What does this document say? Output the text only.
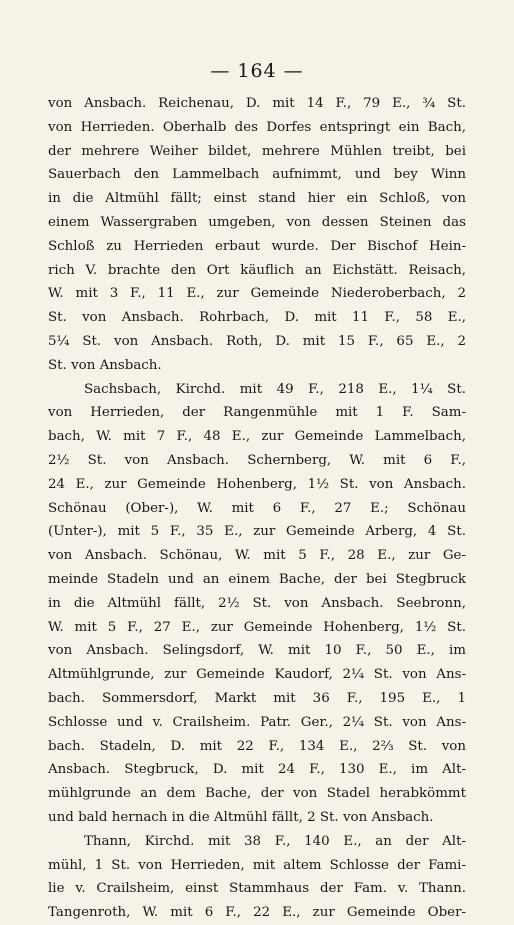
— 164 —
von Ansbach. Reichenau, D. mit 14 F., 79 E., ¾ St.
von Herrieden. Oberhalb des Dorfes entspringt ein Bach,
der mehrere Weiher bildet, mehrere Mühlen treibt, bei
Sauerbach den Lammelbach aufnimmt, und bey Winn
in die Altmühl fällt; einst stand hier ein Schloß, von
einem Wassergraben umgeben, von dessen Steinen das
Schloß zu Herrieden erbaut wurde. Der Bischof Hein-
rich V. brachte den Ort käuflich an Eichstätt. Reisach,
W. mit 3 F., 11 E., zur Gemeinde Niederoberbach, 2
St. von Ansbach. Rohrbach, D. mit 11 F., 58 E.,
5¼ St. von Ansbach. Roth, D. mit 15 F., 65 E., 2
St. von Ansbach.
Sachsbach, Kirchd. mit 49 F., 218 E., 1¼ St.
von Herrieden, der Rangenmühle mit 1 F. Sam-
bach, W. mit 7 F., 48 E., zur Gemeinde Lammelbach,
2½ St. von Ansbach. Schernberg, W. mit 6 F.,
24 E., zur Gemeinde Hohenberg, 1½ St. von Ansbach.
Schönau (Ober-), W. mit 6 F., 27 E.; Schönau
(Unter-), mit 5 F., 35 E., zur Gemeinde Arberg, 4 St.
von Ansbach. Schönau, W. mit 5 F., 28 E., zur Ge-
meinde Stadeln und an einem Bache, der bei Stegbruck
in die Altmühl fällt, 2½ St. von Ansbach. Seebronn,
W. mit 5 F., 27 E., zur Gemeinde Hohenberg, 1½ St.
von Ansbach. Selingsdorf, W. mit 10 F., 50 E., im
Altmühlgrunde, zur Gemeinde Kaudorf, 2¼ St. von Ans-
bach. Sommersdorf, Markt mit 36 F., 195 E., 1
Schlosse und v. Crailsheim. Patr. Ger., 2¼ St. von Ans-
bach. Stadeln, D. mit 22 F., 134 E., 2⅔ St. von
Ansbach. Stegbruck, D. mit 24 F., 130 E., im Alt-
mühlgrunde an dem Bache, der von Stadel herabkömmt
und bald hernach in die Altmühl fällt, 2 St. von Ansbach.
Thann, Kirchd. mit 38 F., 140 E., an der Alt-
mühl, 1 St. von Herrieden, mit altem Schlosse der Fami-
lie v. Crailsheim, einst Stammhaus der Fam. v. Thann.
Tangenroth, W. mit 6 F., 22 E., zur Gemeinde Ober-
